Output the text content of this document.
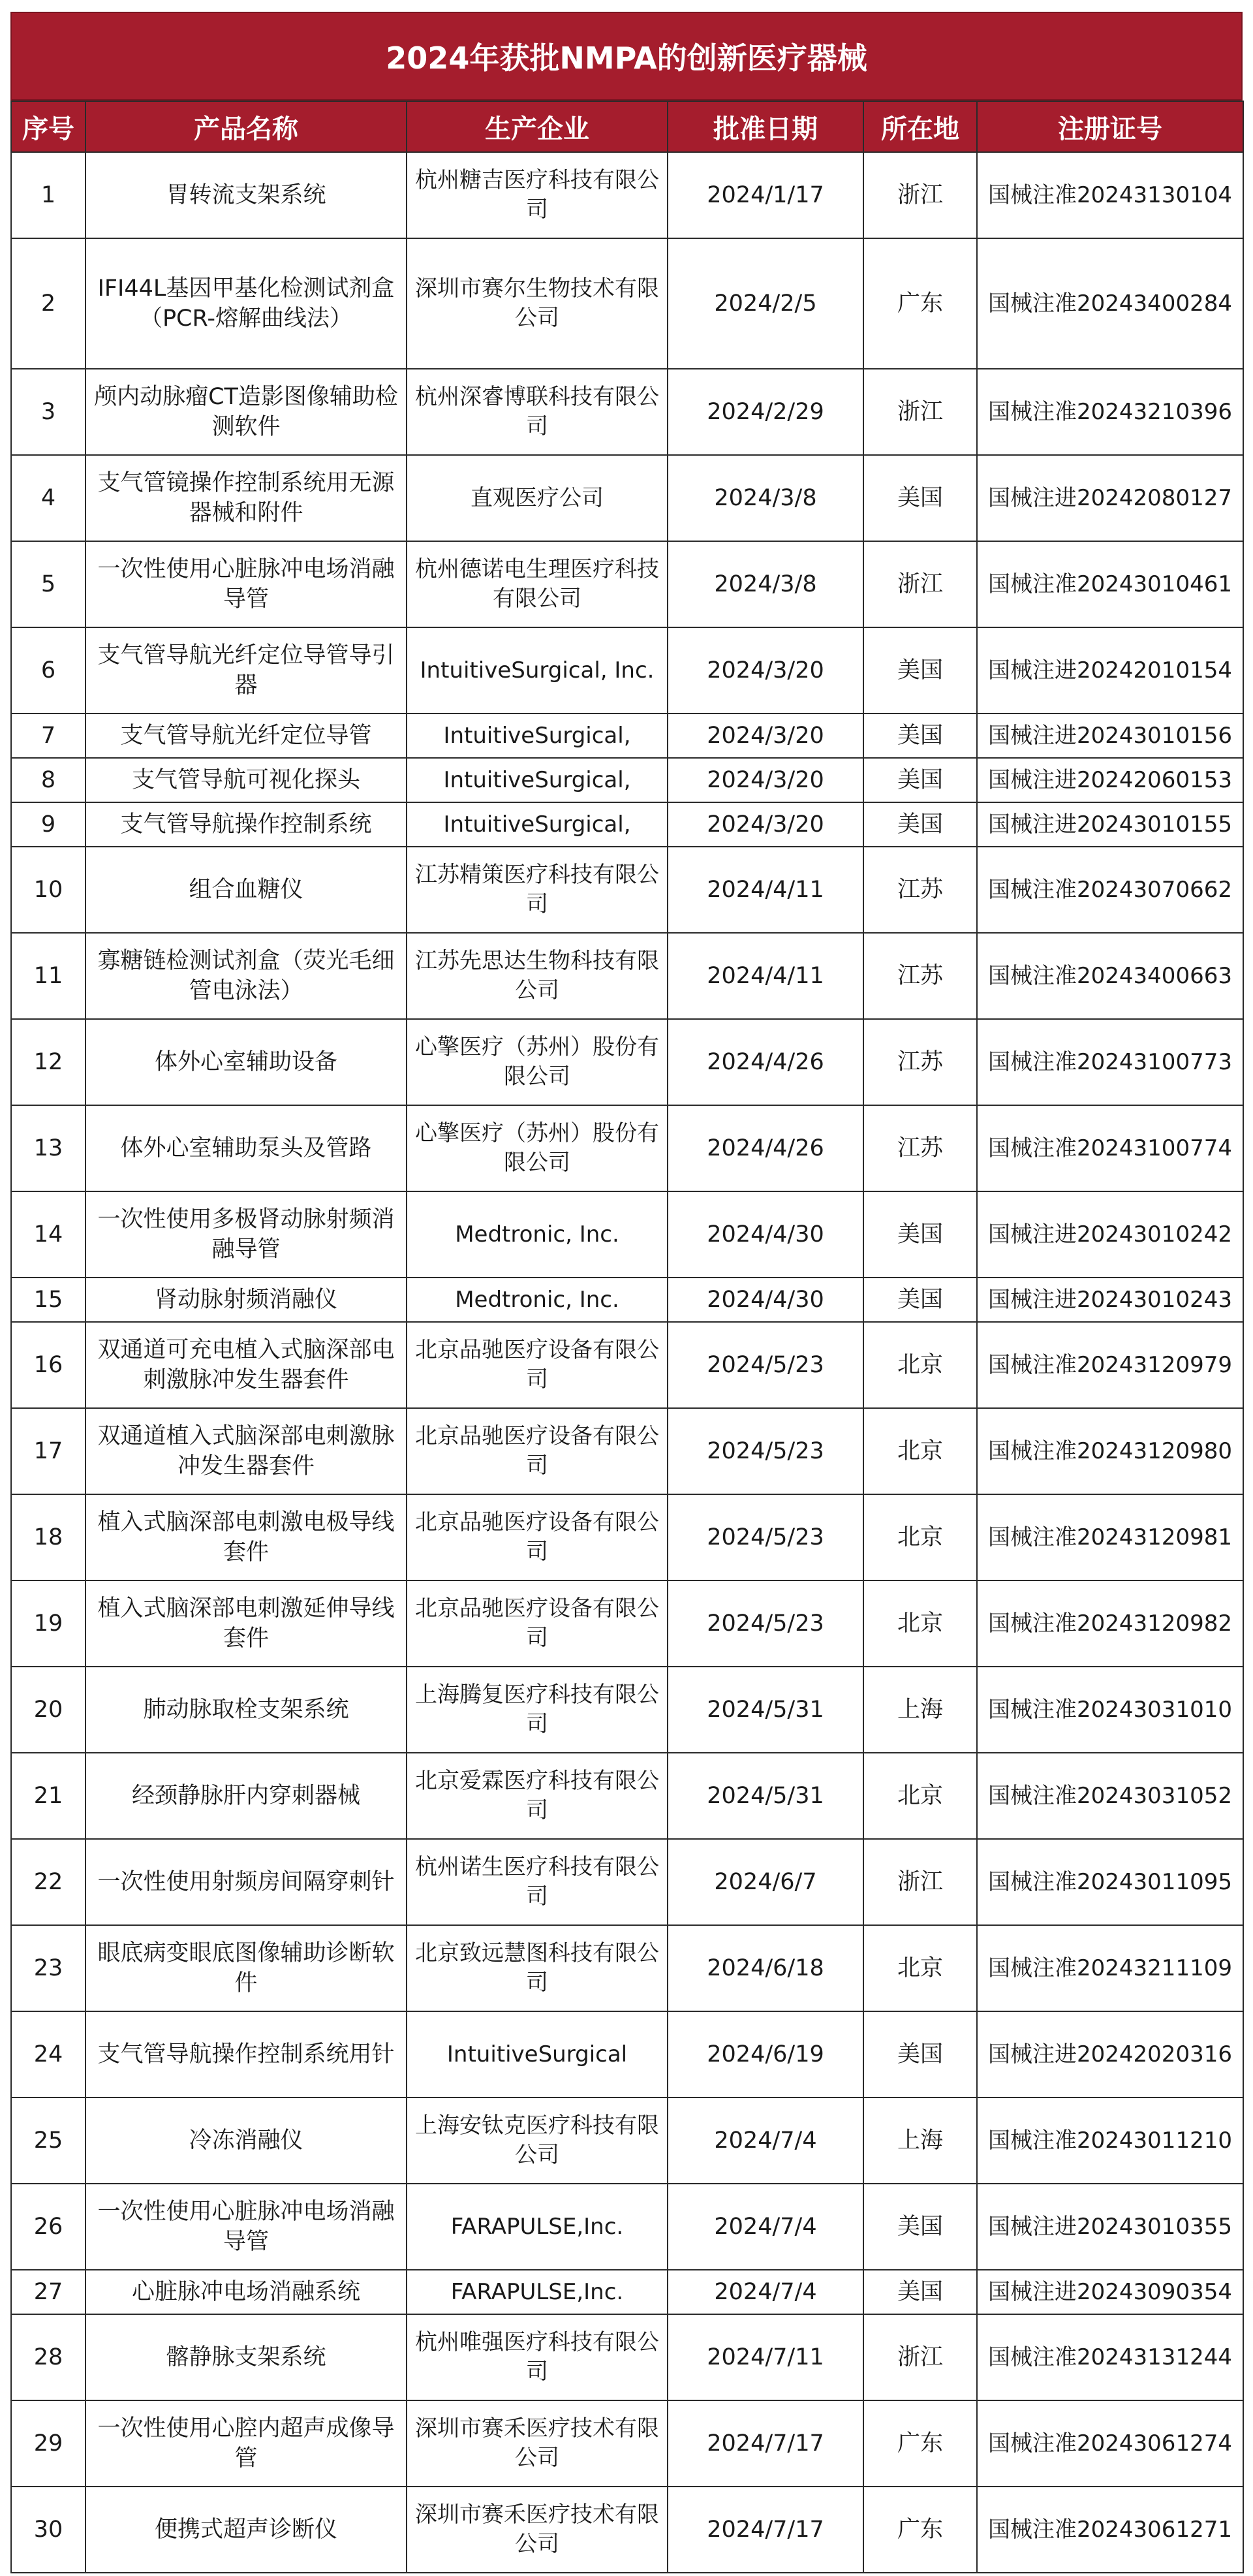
2024年获批NMPA的创新医疗器械
序号	产品名称	生产企业	批准日期	所在地	注册证号
1	胃转流支架系统	杭州糖吉医疗科技有限公司	2024/1/17	浙江	国械注准20243130104
2	IFI44L基因甲基化检测试剂盒（PCR-熔解曲线法）	深圳市赛尔生物技术有限公司	2024/2/5	广东	国械注准20243400284
3	颅内动脉瘤CT造影图像辅助检测软件	杭州深睿博联科技有限公司	2024/2/29	浙江	国械注准20243210396
4	支气管镜操作控制系统用无源器械和附件	直观医疗公司	2024/3/8	美国	国械注进20242080127
5	一次性使用心脏脉冲电场消融导管	杭州德诺电生理医疗科技有限公司	2024/3/8	浙江	国械注准20243010461
6	支气管导航光纤定位导管导引器	IntuitiveSurgical, Inc.	2024/3/20	美国	国械注进20242010154
7	支气管导航光纤定位导管	IntuitiveSurgical,	2024/3/20	美国	国械注进20243010156
8	支气管导航可视化探头	IntuitiveSurgical,	2024/3/20	美国	国械注进20242060153
9	支气管导航操作控制系统	IntuitiveSurgical,	2024/3/20	美国	国械注进20243010155
10	组合血糖仪	江苏精策医疗科技有限公司	2024/4/11	江苏	国械注准20243070662
11	寡糖链检测试剂盒（荧光毛细管电泳法）	江苏先思达生物科技有限公司	2024/4/11	江苏	国械注准20243400663
12	体外心室辅助设备	心擎医疗（苏州）股份有限公司	2024/4/26	江苏	国械注准20243100773
13	体外心室辅助泵头及管路	心擎医疗（苏州）股份有限公司	2024/4/26	江苏	国械注准20243100774
14	一次性使用多极肾动脉射频消融导管	Medtronic, Inc.	2024/4/30	美国	国械注进20243010242
15	肾动脉射频消融仪	Medtronic, Inc.	2024/4/30	美国	国械注进20243010243
16	双通道可充电植入式脑深部电刺激脉冲发生器套件	北京品驰医疗设备有限公司	2024/5/23	北京	国械注准20243120979
17	双通道植入式脑深部电刺激脉冲发生器套件	北京品驰医疗设备有限公司	2024/5/23	北京	国械注准20243120980
18	植入式脑深部电刺激电极导线套件	北京品驰医疗设备有限公司	2024/5/23	北京	国械注准20243120981
19	植入式脑深部电刺激延伸导线套件	北京品驰医疗设备有限公司	2024/5/23	北京	国械注准20243120982
20	肺动脉取栓支架系统	上海腾复医疗科技有限公司	2024/5/31	上海	国械注准20243031010
21	经颈静脉肝内穿刺器械	北京爱霖医疗科技有限公司	2024/5/31	北京	国械注准20243031052
22	一次性使用射频房间隔穿刺针	杭州诺生医疗科技有限公司	2024/6/7	浙江	国械注准20243011095
23	眼底病变眼底图像辅助诊断软件	北京致远慧图科技有限公司	2024/6/18	北京	国械注准20243211109
24	支气管导航操作控制系统用针	IntuitiveSurgical	2024/6/19	美国	国械注进20242020316
25	冷冻消融仪	上海安钛克医疗科技有限公司	2024/7/4	上海	国械注准20243011210
26	一次性使用心脏脉冲电场消融导管	FARAPULSE,Inc.	2024/7/4	美国	国械注进20243010355
27	心脏脉冲电场消融系统	FARAPULSE,Inc.	2024/7/4	美国	国械注进20243090354
28	髂静脉支架系统	杭州唯强医疗科技有限公司	2024/7/11	浙江	国械注准20243131244
29	一次性使用心腔内超声成像导管	深圳市赛禾医疗技术有限公司	2024/7/17	广东	国械注准20243061274
30	便携式超声诊断仪	深圳市赛禾医疗技术有限公司	2024/7/17	广东	国械注准20243061271
